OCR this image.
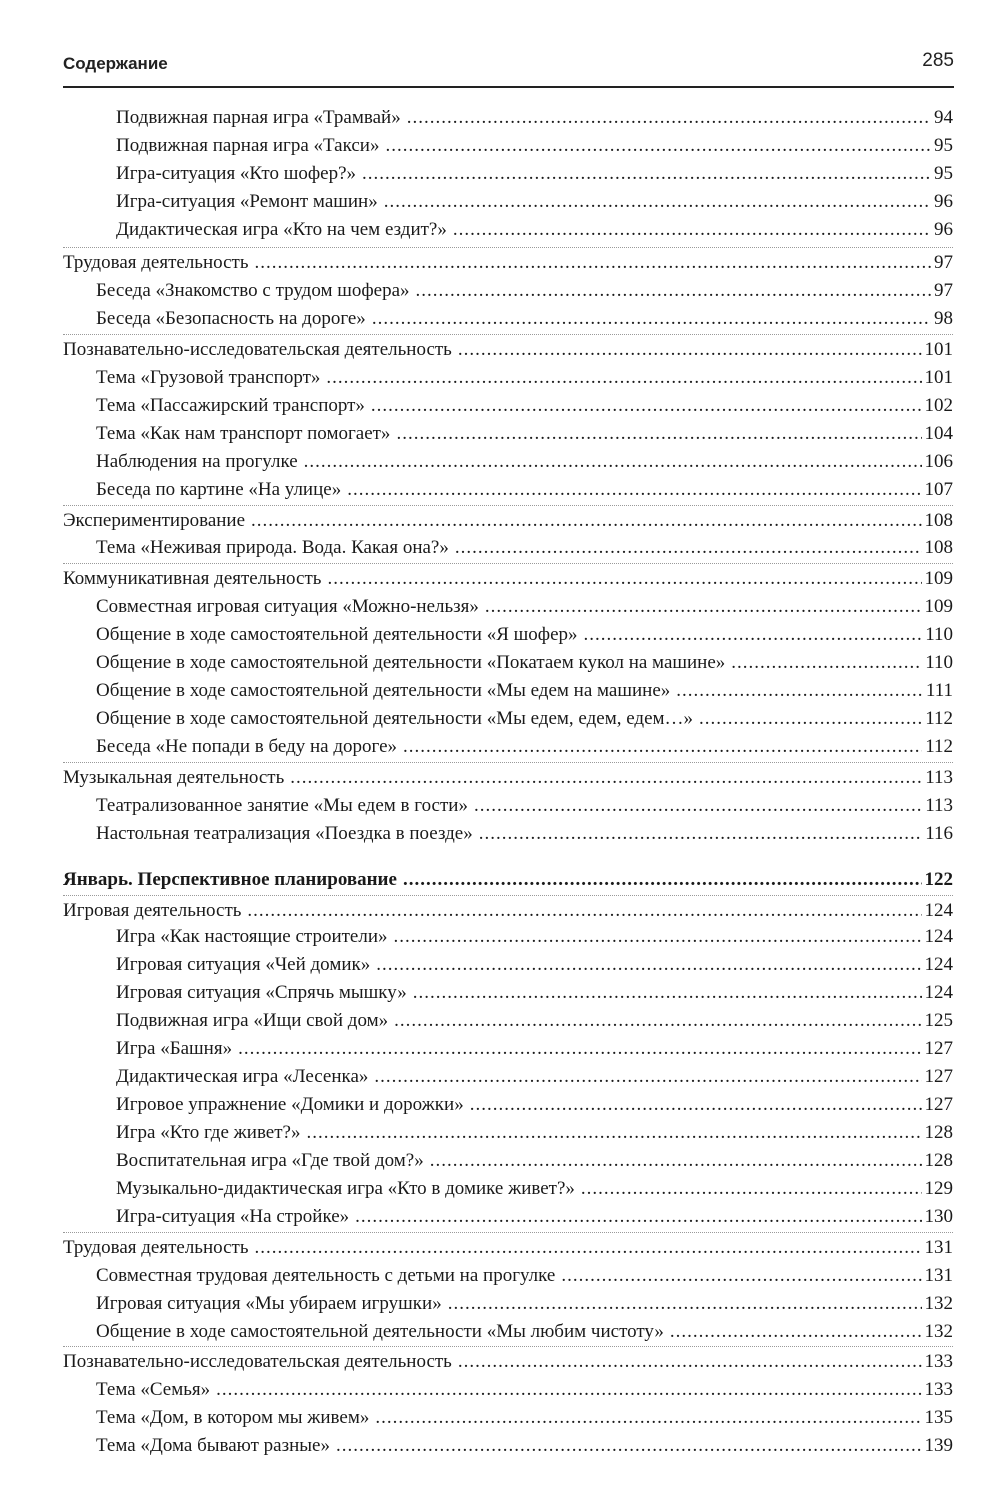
Содержание	285
Подвижная парная игра «Трамвай» .....	94
Подвижная парная игра «Такси» .....	95
Игра-ситуация «Кто шофер?» .....	95
Игра-ситуация «Ремонт машин» .....	96
Дидактическая игра «Кто на чем ездит?» .....	96
Трудовая деятельность .....	97
Беседа «Знакомство с трудом шофера» .....	97
Беседа «Безопасность на дороге» .....	98
Познавательно-исследовательская деятельность .....	101
Тема «Грузовой транспорт» .....	101
Тема «Пассажирский транспорт» .....	102
Тема «Как нам транспорт помогает» .....	104
Наблюдения на прогулке .....	106
Беседа по картине «На улице» .....	107
Экспериментирование .....	108
Тема «Неживая природа. Вода. Какая она?» .....	108
Коммуникативная деятельность .....	109
Совместная игровая ситуация «Можно-нельзя» .....	109
Общение в ходе самостоятельной деятельности «Я шофер» .....	110
Общение в ходе самостоятельной деятельности «Покатаем кукол на машине» .....	110
Общение в ходе самостоятельной деятельности «Мы едем на машине» .....	111
Общение в ходе самостоятельной деятельности «Мы едем, едем, едем…» .....	112
Беседа «Не попади в беду на дороге» .....	112
Музыкальная деятельность .....	113
Театрализованное занятие «Мы едем в гости» .....	113
Настольная театрализация «Поездка в поезде» .....	116
Январь. Перспективное планирование .....	122
Игровая деятельность .....	124
Игра «Как настоящие строители» .....	124
Игровая ситуация «Чей домик» .....	124
Игровая ситуация «Спрячь мышку» .....	124
Подвижная игра «Ищи свой дом» .....	125
Игра «Башня» .....	127
Дидактическая игра «Лесенка» .....	127
Игровое упражнение «Домики и дорожки» .....	127
Игра «Кто где живет?» .....	128
Воспитательная игра «Где твой дом?» .....	128
Музыкально-дидактическая игра «Кто в домике живет?» .....	129
Игра-ситуация «На стройке» .....	130
Трудовая деятельность .....	131
Совместная трудовая деятельность с детьми на прогулке .....	131
Игровая ситуация «Мы убираем игрушки» .....	132
Общение в ходе самостоятельной деятельности «Мы любим чистоту» .....	132
Познавательно-исследовательская деятельность .....	133
Тема «Семья» .....	133
Тема «Дом, в котором мы живем» .....	135
Тема «Дома бывают разные» .....	139
